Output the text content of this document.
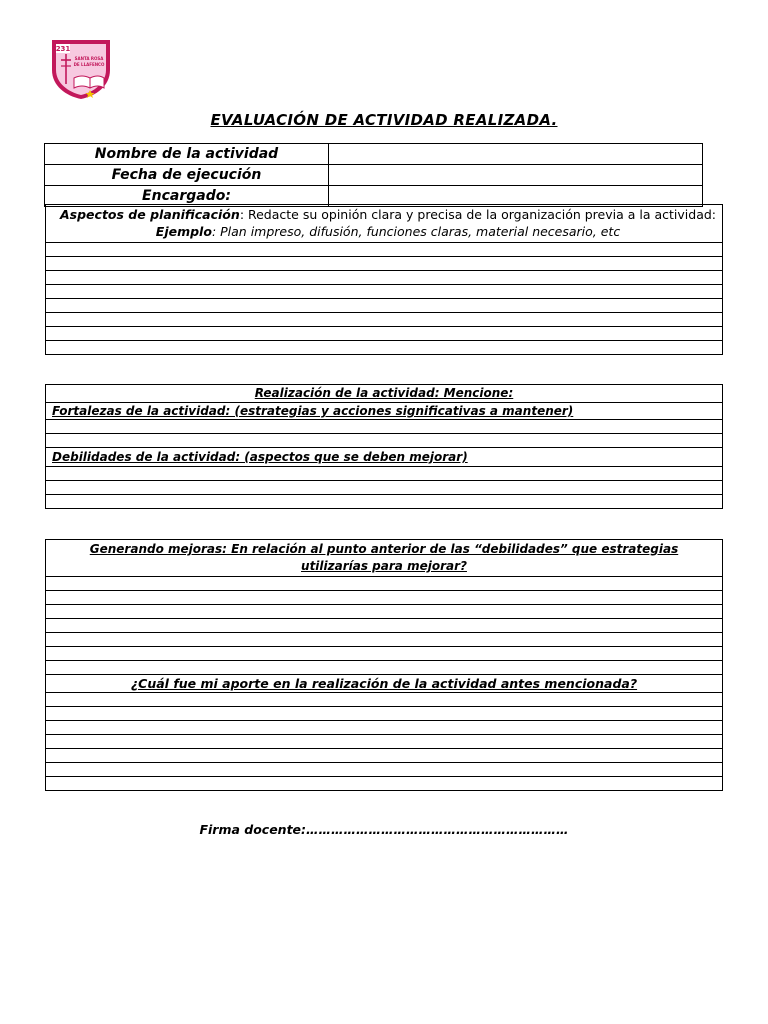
231
SANTA ROSA
DE LLAFENCO
EVALUACIÓN DE ACTIVIDAD REALIZADA.
Nombre de la actividad
Fecha de ejecución
Encargado:
Aspectos de planificación: Redacte su opinión clara y precisa de la organización previa a la actividad: Ejemplo: Plan impreso, difusión, funciones claras, material necesario, etc
Realización de la actividad: Mencione:
Fortalezas de la actividad: (estrategias y acciones significativas a mantener)
Debilidades de la actividad: (aspectos que se deben mejorar)
Generando mejoras: En relación al punto anterior de las “debilidades” que estrategias
utilizarías para mejorar?
¿Cuál fue mi aporte en la realización de la actividad antes mencionada?
Firma docente:………………………………………………………
